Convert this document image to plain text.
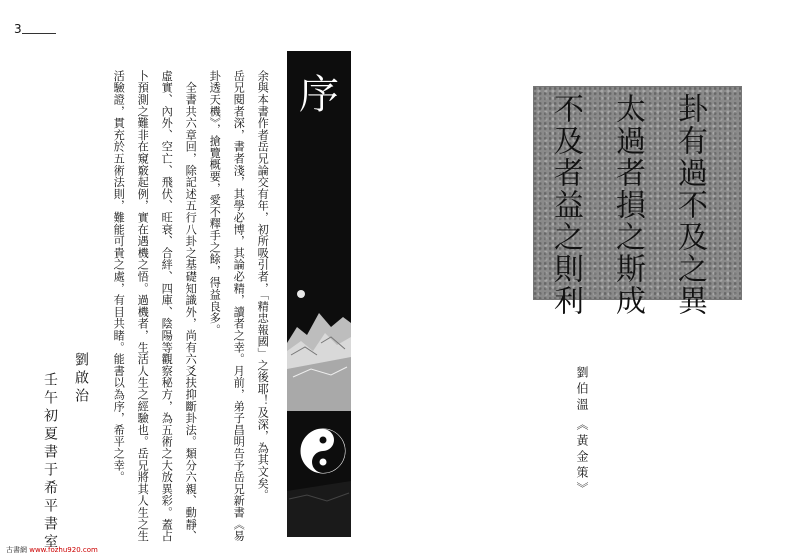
3
余與本書作者岳兄論交有年，初所吸引者，「精忠報國」之後耶！及深，為其文矣。
岳兄閱者深，書者淺，其學必博，其論必精，讀者之幸。月前，弟子昌明告予岳兄新書《易
卦透天機》，搶覽概要，愛不釋手之餘，得益良多。
　全書共六章回，除記述五行八卦之基礎知識外，尚有六爻扶抑斷卦法。類分六親、動靜、
虛實、內外、空亡、飛伏、旺衰、合絆、四庫、陰陽等觀察秘方，為五術之大放異彩。蓋占
卜預測之難非在窺竅起例，實在遇機之悟。過機者，生活人生之經驗也。岳兄將其人生之生
活驗證，貫充於五術法則，難能可貴之處，有目共睹。能書以為序，希平之幸。
劉啟治
壬午初夏書于希平書室
序	卦有過不及之異
太過者損之斯成
不及者益之則利
劉伯溫
《黃金策》
古書網 www.fozhu920.com
